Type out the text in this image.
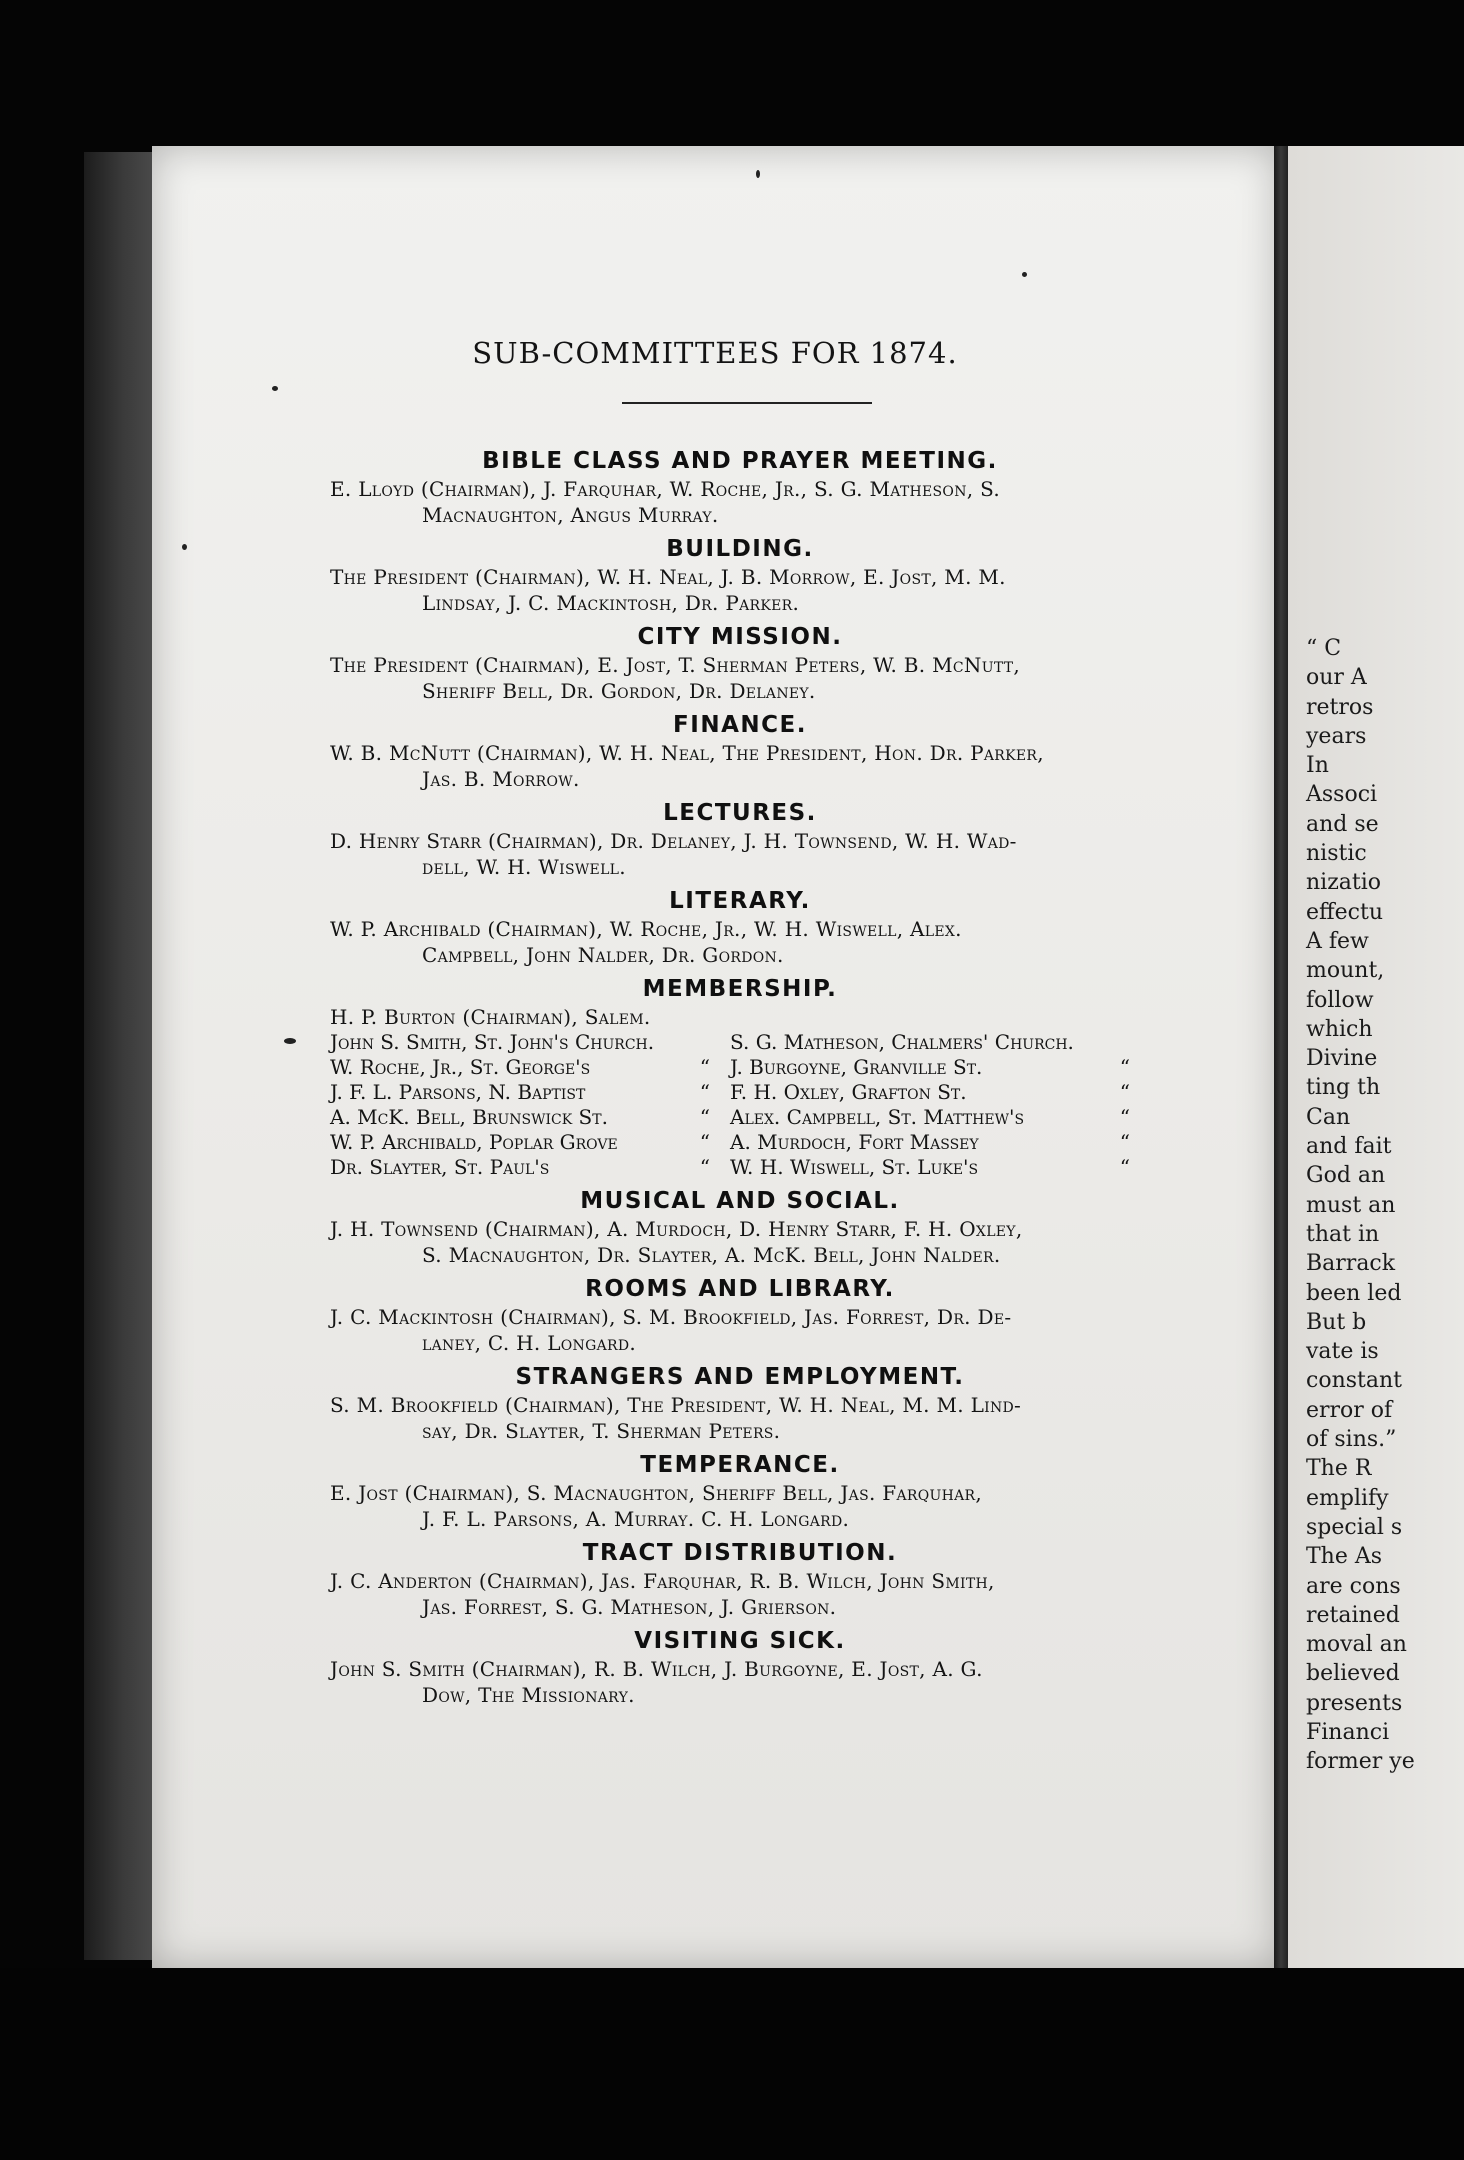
SUB-COMMITTEES FOR 1874.
BIBLE CLASS AND PRAYER MEETING.
E. Lloyd (Chairman), J. Farquhar, W. Roche, Jr., S. G. Matheson, S.
Macnaughton, Angus Murray.
BUILDING.
The President (Chairman), W. H. Neal, J. B. Morrow, E. Jost, M. M.
Lindsay, J. C. Mackintosh, Dr. Parker.
CITY MISSION.
The President (Chairman), E. Jost, T. Sherman Peters, W. B. McNutt,
Sheriff Bell, Dr. Gordon, Dr. Delaney.
FINANCE.
W. B. McNutt (Chairman), W. H. Neal, The President, Hon. Dr. Parker,
Jas. B. Morrow.
LECTURES.
D. Henry Starr (Chairman), Dr. Delaney, J. H. Townsend, W. H. Wad-
dell, W. H. Wiswell.
LITERARY.
W. P. Archibald (Chairman), W. Roche, Jr., W. H. Wiswell, Alex.
Campbell, John Nalder, Dr. Gordon.
MEMBERSHIP.
H. P. Burton (Chairman), Salem.
John S. Smith, St. John's Church.	S. G. Matheson, Chalmers' Church.
W. Roche, Jr., St. George's	“ J. Burgoyne, Granville St.	“
J. F. L. Parsons, N. Baptist	“ F. H. Oxley, Grafton St.	“
A. McK. Bell, Brunswick St.	“ Alex. Campbell, St. Matthew's	“
W. P. Archibald, Poplar Grove	“ A. Murdoch, Fort Massey	“
Dr. Slayter, St. Paul's	“ W. H. Wiswell, St. Luke's	“
MUSICAL AND SOCIAL.
J. H. Townsend (Chairman), A. Murdoch, D. Henry Starr, F. H. Oxley,
S. Macnaughton, Dr. Slayter, A. McK. Bell, John Nalder.
ROOMS AND LIBRARY.
J. C. Mackintosh (Chairman), S. M. Brookfield, Jas. Forrest, Dr. De-
laney, C. H. Longard.
STRANGERS AND EMPLOYMENT.
S. M. Brookfield (Chairman), The President, W. H. Neal, M. M. Lind-
say, Dr. Slayter, T. Sherman Peters.
TEMPERANCE.
E. Jost (Chairman), S. Macnaughton, Sheriff Bell, Jas. Farquhar,
J. F. L. Parsons, A. Murray. C. H. Longard.
TRACT DISTRIBUTION.
J. C. Anderton (Chairman), Jas. Farquhar, R. B. Wilch, John Smith,
Jas. Forrest, S. G. Matheson, J. Grierson.
VISITING SICK.
John S. Smith (Chairman), R. B. Wilch, J. Burgoyne, E. Jost, A. G.
Dow, The Missionary.
“ C
our A
retros
years
In
Associ
and se
nistic
nizatio
effectu
A few
mount,
follow
which
Divine
ting th
Can
and fait
God an
must an
that in
Barrack
been led
But b
vate is
constant
error of
of sins.”
The R
emplify
special s
The As
are cons
retained
moval an
believed
presents
Financi
former ye
